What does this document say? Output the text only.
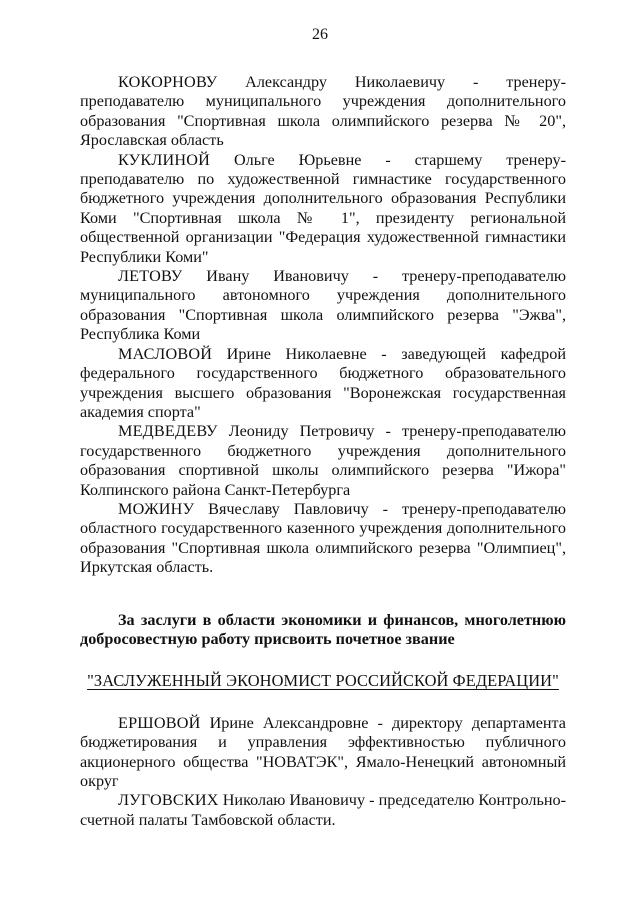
26

КОКОРНОВУ Александру Николаевичу - тренеру-преподавателю муниципального учреждения дополнительного образования "Спортивная школа олимпийского резерва № 20", Ярославская область

КУКЛИНОЙ Ольге Юрьевне - старшему тренеру-преподавателю по художественной гимнастике государственного бюджетного учреждения дополнительного образования Республики Коми "Спортивная школа № 1", президенту региональной общественной организации "Федерация художественной гимнастики Республики Коми"

ЛЕТОВУ Ивану Ивановичу - тренеру-преподавателю муниципального автономного учреждения дополнительного образования "Спортивная школа олимпийского резерва "Эжва", Республика Коми

МАСЛОВОЙ Ирине Николаевне - заведующей кафедрой федерального государственного бюджетного образовательного учреждения высшего образования "Воронежская государственная академия спорта"

МЕДВЕДЕВУ Леониду Петровичу - тренеру-преподавателю государственного бюджетного учреждения дополнительного образования спортивной школы олимпийского резерва "Ижора" Колпинского района Санкт-Петербурга

МОЖИНУ Вячеславу Павловичу - тренеру-преподавателю областного государственного казенного учреждения дополнительного образования "Спортивная школа олимпийского резерва "Олимпиец", Иркутская область.

За заслуги в области экономики и финансов, многолетнюю добросовестную работу присвоить почетное звание

"ЗАСЛУЖЕННЫЙ ЭКОНОМИСТ РОССИЙСКОЙ ФЕДЕРАЦИИ"

ЕРШОВОЙ Ирине Александровне - директору департамента бюджетирования и управления эффективностью публичного акционерного общества "НОВАТЭК", Ямало-Ненецкий автономный округ

ЛУГОВСКИХ Николаю Ивановичу - председателю Контрольно-счетной палаты Тамбовской области.
